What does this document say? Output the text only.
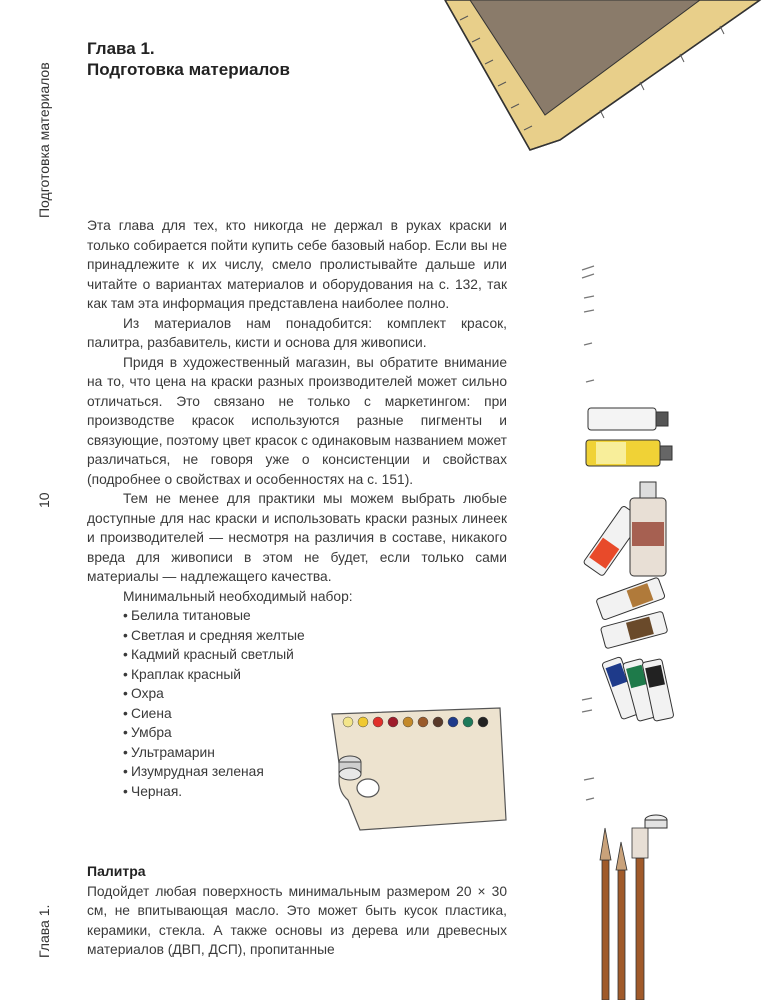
Подготовка материалов
10
Глава 1.
Глава 1.
Подготовка материалов

Эта глава для тех, кто никогда не держал в руках краски и только собирается пойти купить себе базовый набор. Если вы не принадлежите к их числу, смело пролистывайте дальше или читайте о вариантах материалов и оборудования на с. 132, так как там эта информация представлена наиболее полно.

Из материалов нам понадобится: комплект красок, палитра, разбавитель, кисти и основа для живописи.

Придя в художественный магазин, вы обратите внимание на то, что цена на краски разных производителей может сильно отличаться. Это связано не только с маркетингом: при производстве красок используются разные пигменты и связующие, поэтому цвет красок с одинаковым названием может различаться, не говоря уже о консистенции и свойствах (подробнее о свойствах и особенностях на с. 151).

Тем не менее для практики мы можем выбрать любые доступные для нас краски и использовать краски разных линеек и производителей — несмотря на различия в составе, никакого вреда для живописи в этом не будет, если только сами материалы — надлежащего качества.

Минимальный необходимый набор:
• Белила титановые
• Светлая и средняя желтые
• Кадмий красный светлый
• Краплак красный
• Охра
• Сиена
• Умбра
• Ультрамарин
• Изумрудная зеленая
• Черная.
Палитра

Подойдет любая поверхность минимальным размером 20 × 30 см, не впитывающая масло. Это может быть кусок пластика, керамики, стекла. А также основы из дерева или древесных материалов (ДВП, ДСП), пропитанные
